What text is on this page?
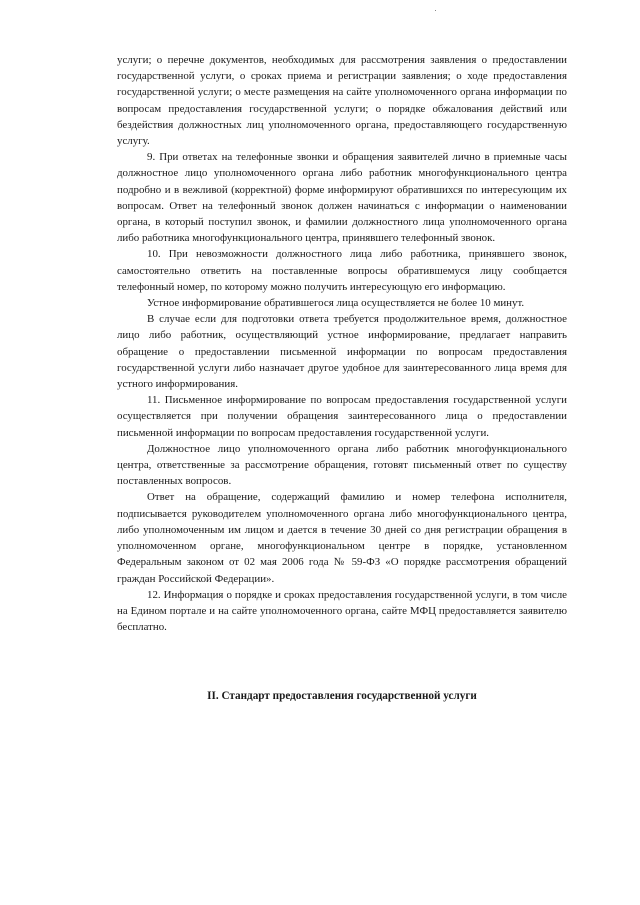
услуги; о перечне документов, необходимых для рассмотрения заявления о предоставлении государственной услуги, о сроках приема и регистрации заявления; о ходе предоставления государственной услуги; о месте размещения на сайте уполномоченного органа информации по вопросам предоставления государственной услуги; о порядке обжалования действий или бездействия должностных лиц уполномоченного органа, предоставляющего государственную услугу.

9. При ответах на телефонные звонки и обращения заявителей лично в приемные часы должностное лицо уполномоченного органа либо работник многофункционального центра подробно и в вежливой (корректной) форме информируют обратившихся по интересующим их вопросам. Ответ на телефонный звонок должен начинаться с информации о наименовании органа, в который поступил звонок, и фамилии должностного лица уполномоченного органа либо работника многофункционального центра, принявшего телефонный звонок.

10. При невозможности должностного лица либо работника, принявшего звонок, самостоятельно ответить на поставленные вопросы обратившемуся лицу сообщается телефонный номер, по которому можно получить интересующую его информацию.

Устное информирование обратившегося лица осуществляется не более 10 минут.

В случае если для подготовки ответа требуется продолжительное время, должностное лицо либо работник, осуществляющий устное информирование, предлагает направить обращение о предоставлении письменной информации по вопросам предоставления государственной услуги либо назначает другое удобное для заинтересованного лица время для устного информирования.

11. Письменное информирование по вопросам предоставления государственной услуги осуществляется при получении обращения заинтересованного лица о предоставлении письменной информации по вопросам предоставления государственной услуги.

Должностное лицо уполномоченного органа либо работник многофункционального центра, ответственные за рассмотрение обращения, готовят письменный ответ по существу поставленных вопросов.

Ответ на обращение, содержащий фамилию и номер телефона исполнителя, подписывается руководителем уполномоченного органа либо многофункционального центра, либо уполномоченным им лицом и дается в течение 30 дней со дня регистрации обращения в уполномоченном органе, многофункциональном центре в порядке, установленном Федеральным законом от 02 мая 2006 года № 59-ФЗ «О порядке рассмотрения обращений граждан Российской Федерации».

12. Информация о порядке и сроках предоставления государственной услуги, в том числе на Едином портале и на сайте уполномоченного органа, сайте МФЦ предоставляется заявителю бесплатно.

II. Стандарт предоставления государственной услуги
